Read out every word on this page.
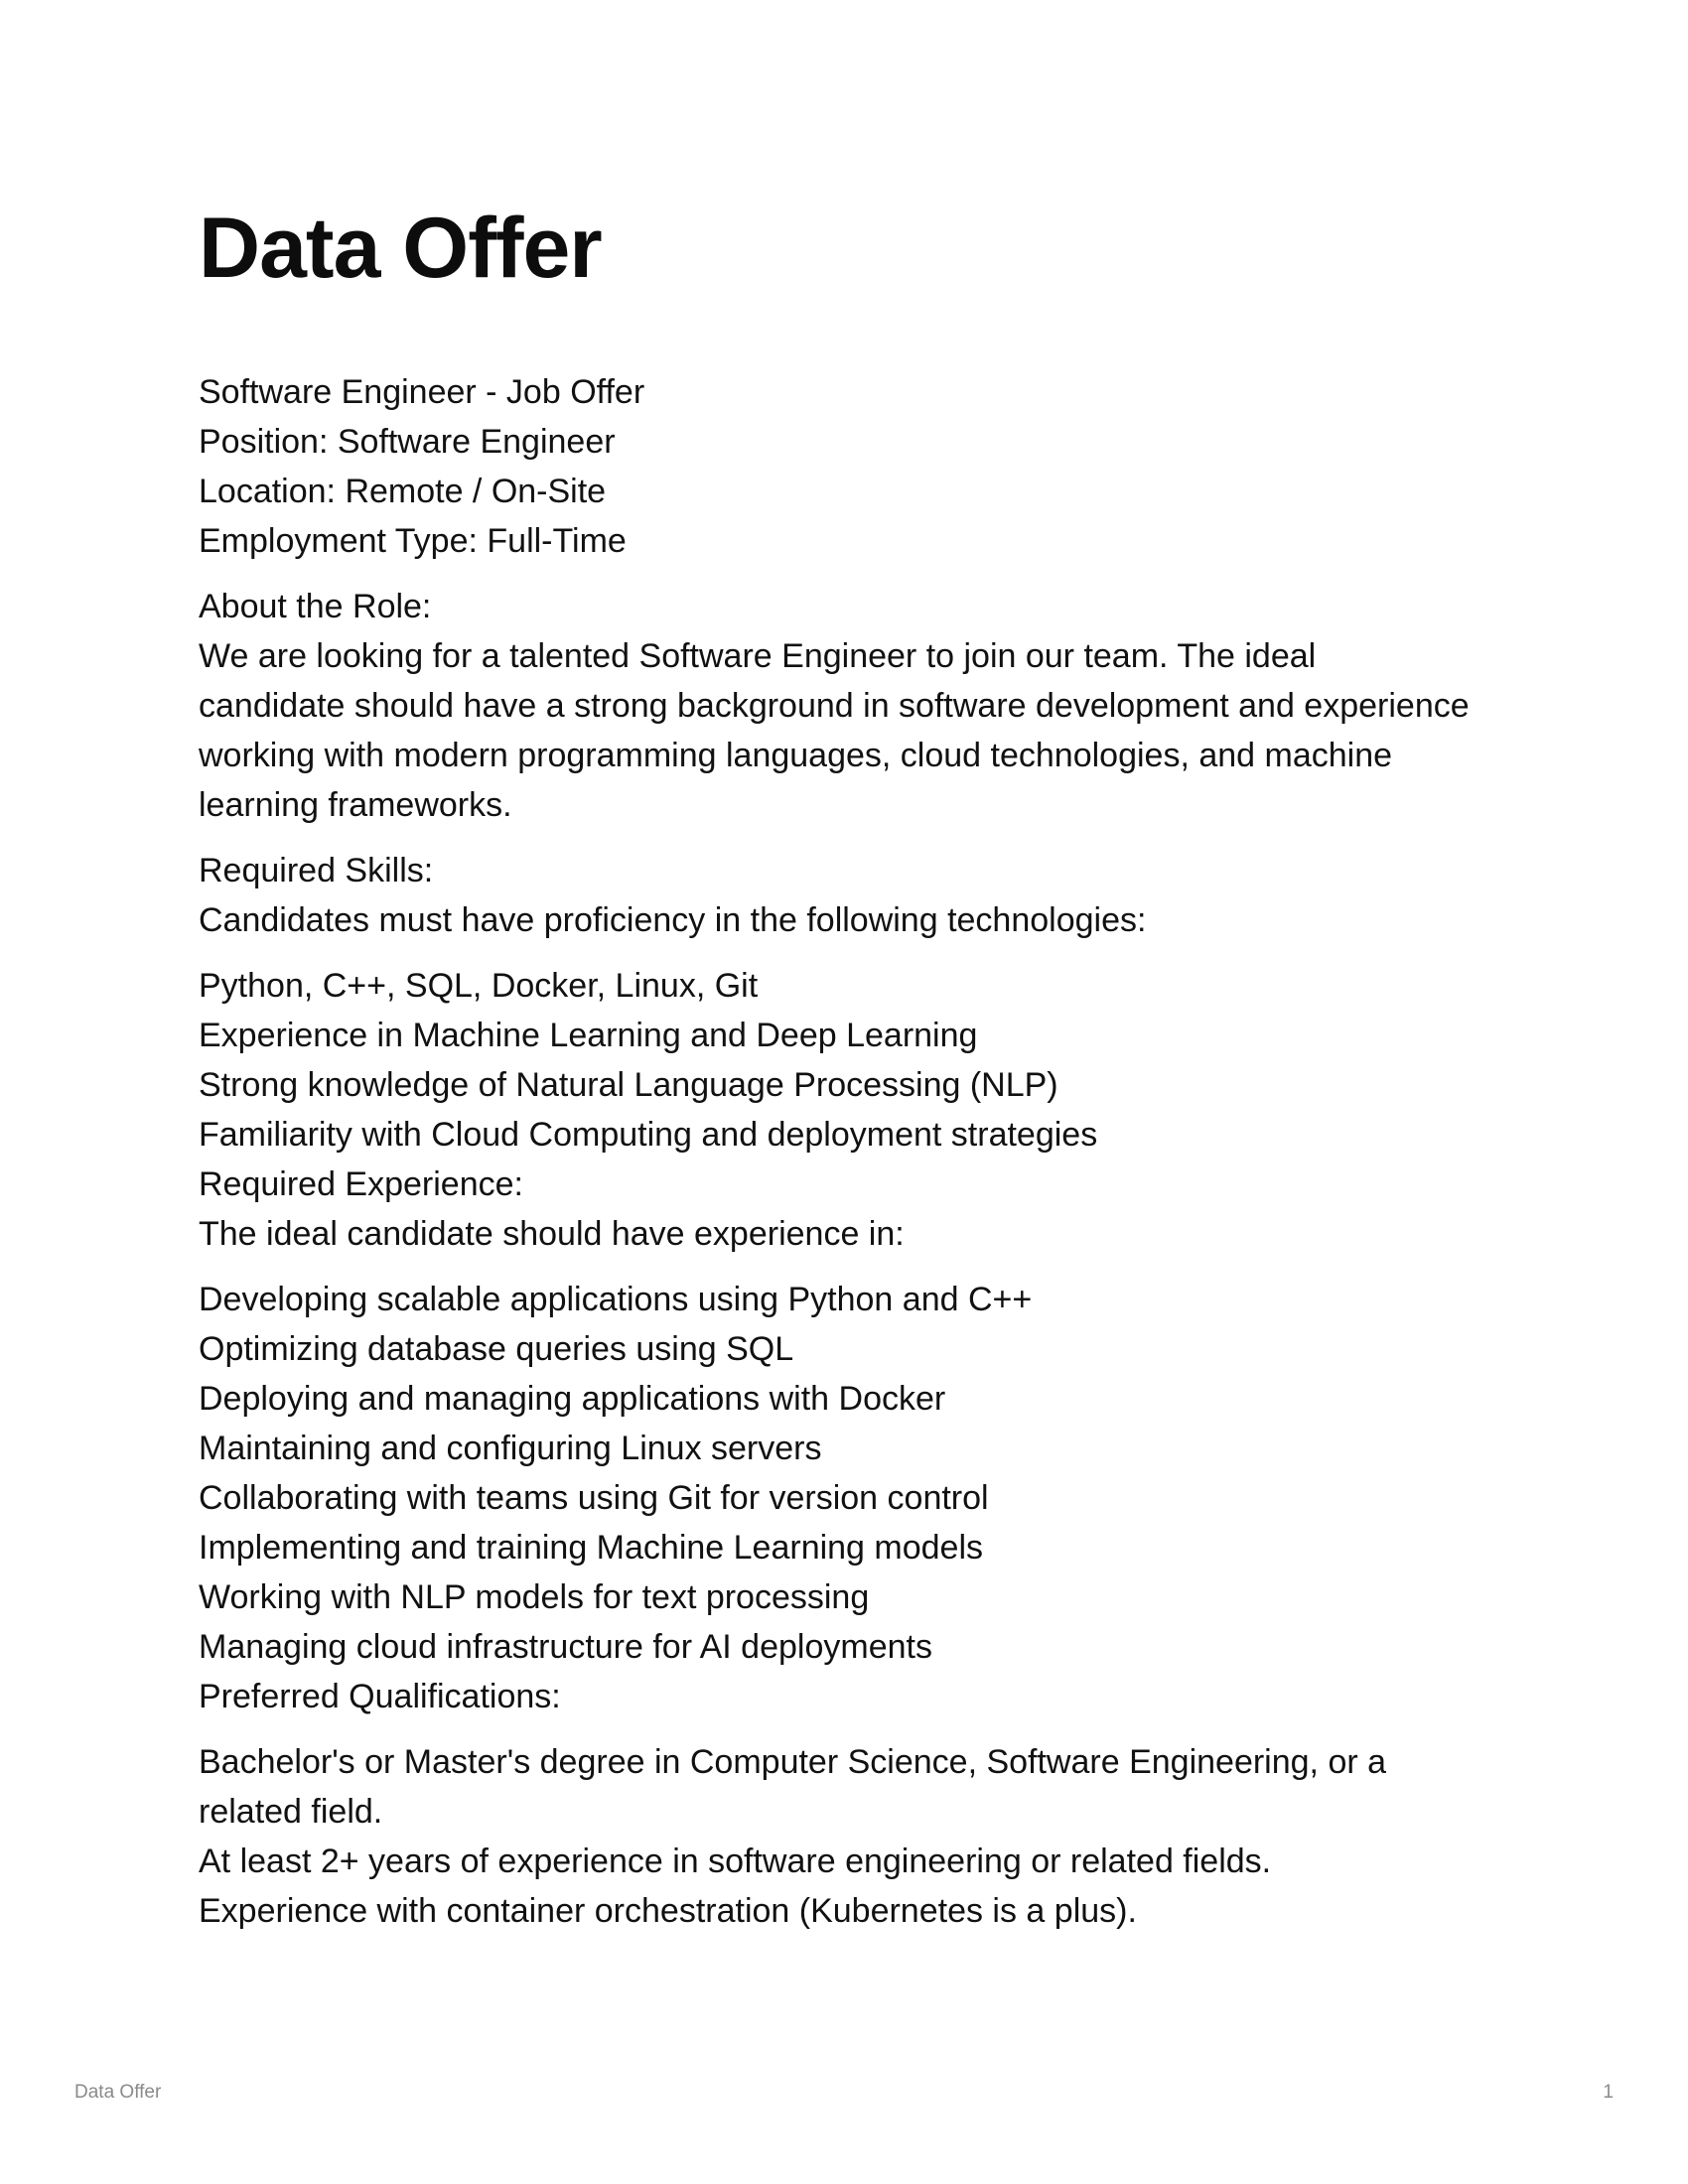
Data Offer
Software Engineer - Job Offer
Position: Software Engineer
Location: Remote / On-Site
Employment Type: Full-Time
About the Role:
We are looking for a talented Software Engineer to join our team. The ideal candidate should have a strong background in software development and experience working with modern programming languages, cloud technologies, and machine learning frameworks.
Required Skills:
Candidates must have proficiency in the following technologies:
Python, C++, SQL, Docker, Linux, Git
Experience in Machine Learning and Deep Learning
Strong knowledge of Natural Language Processing (NLP)
Familiarity with Cloud Computing and deployment strategies
Required Experience:
The ideal candidate should have experience in:
Developing scalable applications using Python and C++
Optimizing database queries using SQL
Deploying and managing applications with Docker
Maintaining and configuring Linux servers
Collaborating with teams using Git for version control
Implementing and training Machine Learning models
Working with NLP models for text processing
Managing cloud infrastructure for AI deployments
Preferred Qualifications:
Bachelor's or Master's degree in Computer Science, Software Engineering, or a related field.
At least 2+ years of experience in software engineering or related fields.
Experience with container orchestration (Kubernetes is a plus).
Data Offer	1
